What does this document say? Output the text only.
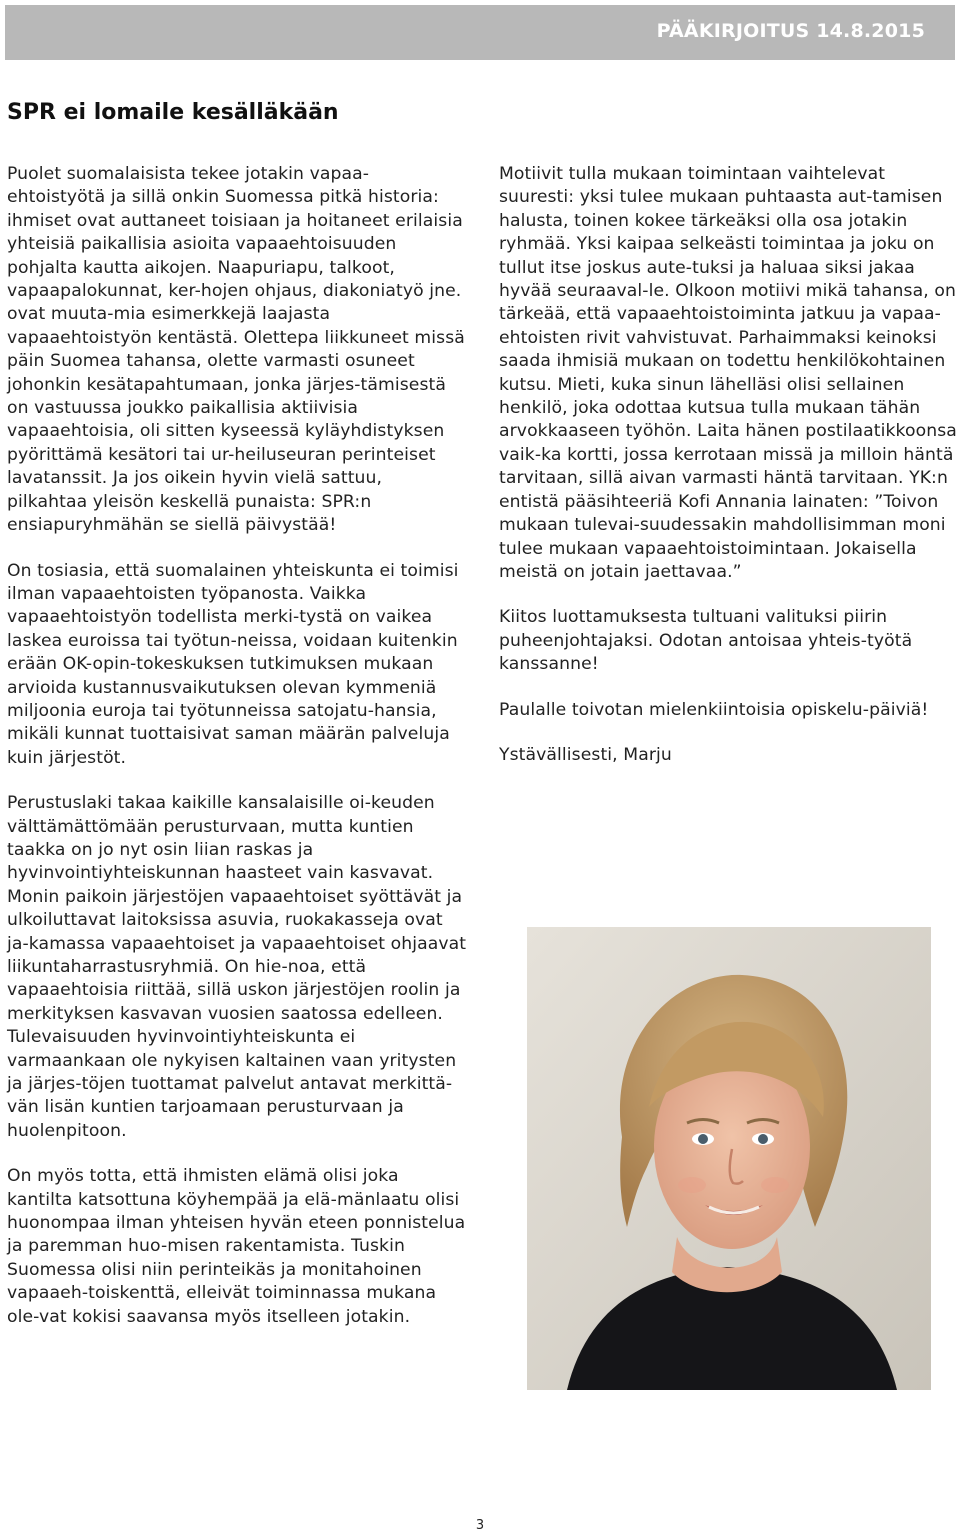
PÄÄKIRJOITUS 14.8.2015
SPR ei lomaile kesälläkään

Puolet suomalaisista tekee jotakin vapaa-ehtoistyötä ja sillä onkin Suomessa pitkä historia: ihmiset ovat auttaneet toisiaan ja hoitaneet erilaisia yhteisiä paikallisia asioita vapaaehtoisuuden pohjalta kautta aikojen. Naapuriapu, talkoot, vapaapalokunnat, ker-hojen ohjaus, diakoniatyö jne. ovat muuta-mia esimerkkejä laajasta vapaaehtoistyön kentästä. Olettepa liikkuneet missä päin Suomea tahansa, olette varmasti osuneet johonkin kesätapahtumaan, jonka järjes-tämisestä on vastuussa joukko paikallisia aktiivisia vapaaehtoisia, oli sitten kyseessä kyläyhdistyksen pyörittämä kesätori tai ur-heiluseuran perinteiset lavatanssit. Ja jos oikein hyvin vielä sattuu, pilkahtaa yleisön keskellä punaista: SPR:n ensiapuryhmähän se siellä päivystää!

On tosiasia, että suomalainen yhteiskunta ei toimisi ilman vapaaehtoisten työpanosta. Vaikka vapaaehtoistyön todellista merki-tystä on vaikea laskea euroissa tai työtun-neissa, voidaan kuitenkin erään OK-opin-tokeskuksen tutkimuksen mukaan arvioida kustannusvaikutuksen olevan kymmeniä miljoonia euroja tai työtunneissa satojatu-hansia, mikäli kunnat tuottaisivat saman määrän palveluja kuin järjestöt.

Perustuslaki takaa kaikille kansalaisille oi-keuden välttämättömään perusturvaan, mutta kuntien taakka on jo nyt osin liian raskas ja hyvinvointiyhteiskunnan haasteet vain kasvavat. Monin paikoin järjestöjen vapaaehtoiset syöttävät ja ulkoiluttavat laitoksissa asuvia, ruokakasseja ovat ja-kamassa vapaaehtoiset ja vapaaehtoiset ohjaavat liikuntaharrastusryhmiä. On hie-noa, että vapaaehtoisia riittää, sillä uskon järjestöjen roolin ja merkityksen kasvavan vuosien saatossa edelleen. Tulevaisuuden hyvinvointiyhteiskunta ei varmaankaan ole nykyisen kaltainen vaan yritysten ja järjes-töjen tuottamat palvelut antavat merkittä-vän lisän kuntien tarjoamaan perusturvaan ja huolenpitoon.

On myös totta, että ihmisten elämä olisi joka kantilta katsottuna köyhempää ja elä-mänlaatu olisi huonompaa ilman yhteisen hyvän eteen ponnistelua ja paremman huo-misen rakentamista. Tuskin Suomessa olisi niin perinteikäs ja monitahoinen vapaaeh-toiskenttä, elleivät toiminnassa mukana ole-vat kokisi saavansa myös itselleen jotakin.

Motiivit tulla mukaan toimintaan vaihtelevat suuresti: yksi tulee mukaan puhtaasta aut-tamisen halusta, toinen kokee tärkeäksi olla osa jotakin ryhmää. Yksi kaipaa selkeästi toimintaa ja joku on tullut itse joskus aute-tuksi ja haluaa siksi jakaa hyvää seuraaval-le. Olkoon motiivi mikä tahansa, on tärkeää, että vapaaehtoistoiminta jatkuu ja vapaa-ehtoisten rivit vahvistuvat. Parhaimmaksi keinoksi saada ihmisiä mukaan on todettu henkilökohtainen kutsu. Mieti, kuka sinun lähelläsi olisi sellainen henkilö, joka odottaa kutsua tulla mukaan tähän arvokkaaseen työhön. Laita hänen postilaatikkoonsa vaik-ka kortti, jossa kerrotaan missä ja milloin häntä tarvitaan, sillä aivan varmasti häntä tarvitaan. YK:n entistä pääsihteeriä Kofi Annania lainaten: ”Toivon mukaan tulevai-suudessakin mahdollisimman moni tulee mukaan vapaaehtoistoimintaan. Jokaisella meistä on jotain jaettavaa.”

Kiitos luottamuksesta tultuani valituksi piirin puheenjohtajaksi. Odotan antoisaa yhteis-työtä kanssanne!

Paulalle toivotan mielenkiintoisia opiskelu-päiviä!

Ystävällisesti, Marju

3
